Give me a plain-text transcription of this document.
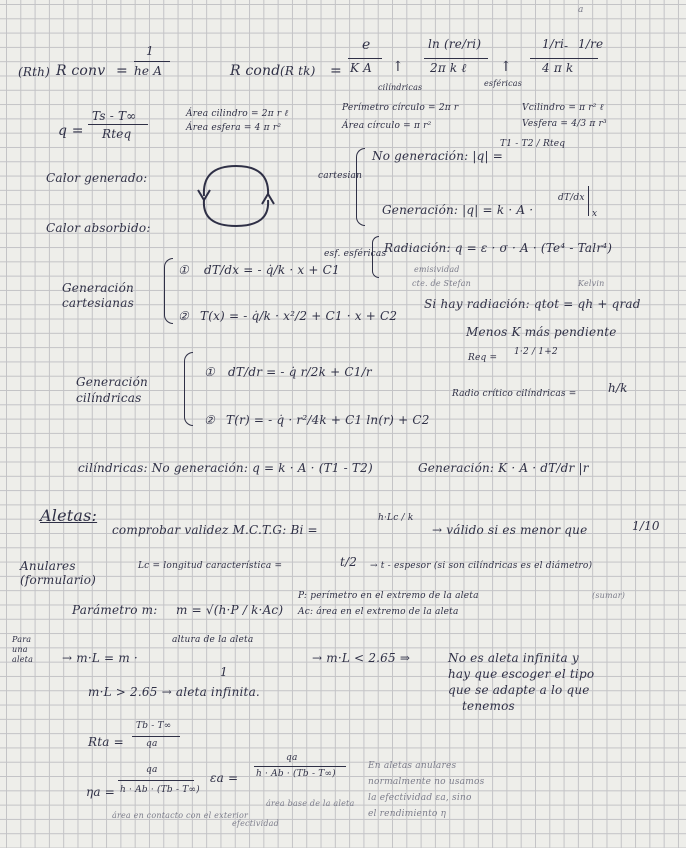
a
(Rth) R conv =
1
he A	R cond (R tk) =
e
K A
ln (re/ri)
2π k ℓ
cilíndricas
↑
1/ri - 1/re
4 π k
esféricas
↑
q =
Ts - T∞
Rteq
Área cilindro = 2π r ℓ
Área esfera = 4 π r²
Perímetro círculo = 2π r
Área círculo = π r²
Vcilindro = π r² ℓ
Vesfera = 4/3 π r³
Calor generado:
Calor absorbido:
cartesian
No generación: |q| =
T1 - T2 / Rteq
Generación: |q| = k · A ·
dT/dx
x
Generación
cartesianas
① dT/dx = - q̇/k · x + C1
② T(x) = - q̇/k · x²/2 + C1 · x + C2
esf. esféricas
Radiación: q = ε · σ · A · (Te⁴ - Talr⁴)
emisividad
cte. de Stefan	Kelvin
Si hay radiación: qtot = qh + qrad
Menos K más pendiente
Req =
1·2 / 1+2
Radio crítico cilíndricas =	h/k
Generación
cilíndricas
① dT/dr = - q̇ r/2k + C1/r
② T(r) = - q̇ · r²/4k + C1 ln(r) + C2
cilíndricas: No generación: q = k · A · (T1 - T2)	Generación: K · A · dT/dr |r
Aletas:
comprobar validez M.C.T.G: Bi =
h·Lc / k
→ válido si es menor que	1/10
Anulares
(formulario)
Lc = longitud característica =	t/2 → t - espesor (si son cilíndricas es el diámetro)
Parámetro m: m = √(h·P / k·Ac)
P: perímetro en el extremo de la aleta	(sumar)
Ac: área en el extremo de la aleta
Para
una
aleta → m·L = m ·
altura de la aleta
1
→ m·L < 2.65 ⇒	No es aleta infinita y
hay que escoger el tipo
que se adapte a lo que
tenemos
m·L > 2.65 → aleta infinita.
Rta =
Tb - T∞
qa
ηa =
qa
h · Ab · (Tb - T∞)
área en contacto con el exterior
εa =
qa
h · Ab · (Tb - T∞)
área base de la aleta
efectividad
En aletas anulares
normalmente no usamos
la efectividad εa, sino
el rendimiento η
